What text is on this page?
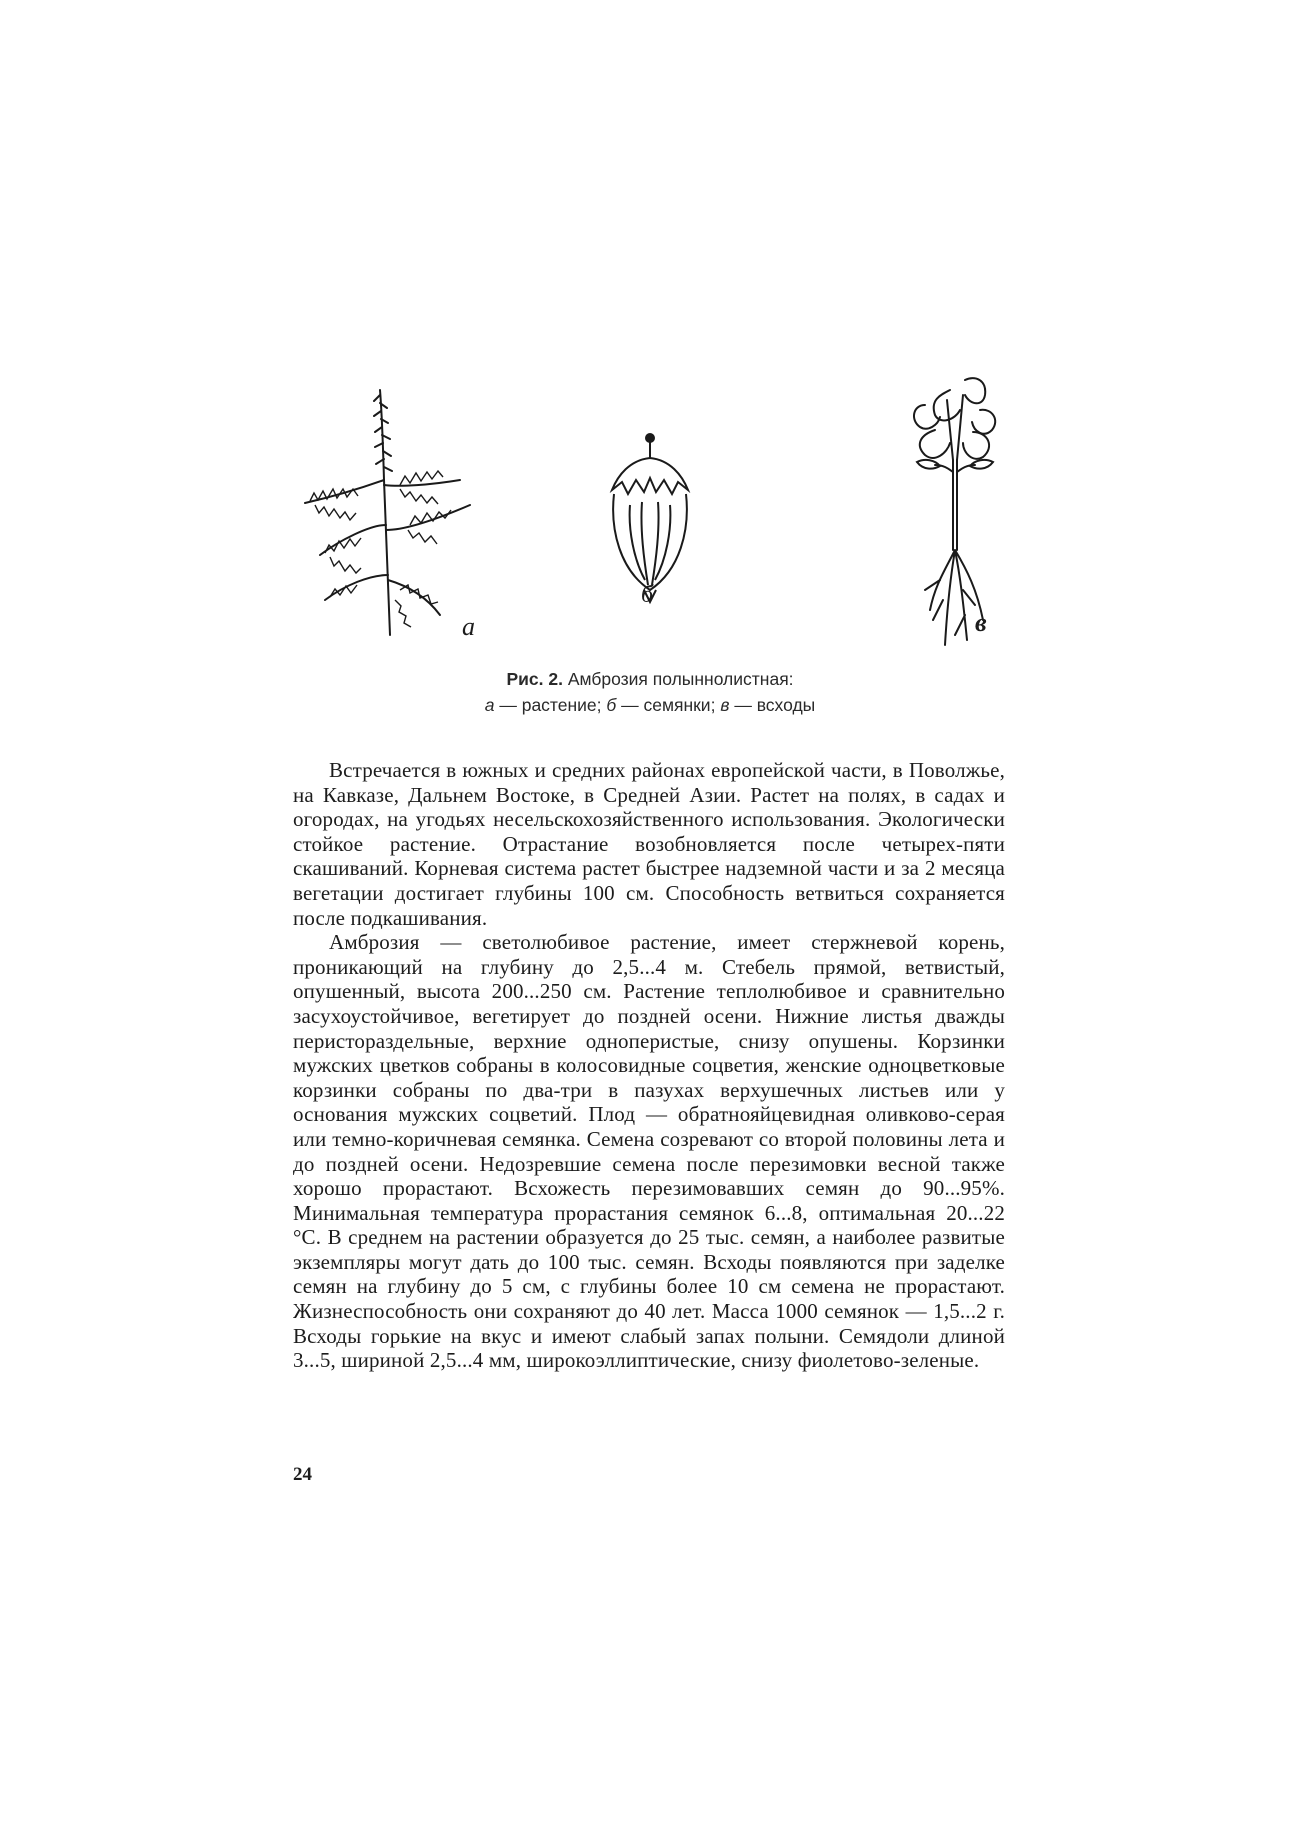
а
б
в
Рис. 2. Амброзия полыннолистная:
а — растение; б — семянки; в — всходы

Встречается в южных и средних районах европейской части, в Поволжье, на Кавказе, Дальнем Востоке, в Средней Азии. Растет на полях, в садах и огородах, на угодьях несельскохозяйственного использования. Экологически стойкое растение. Отрастание возобновляется после четырех-пяти скашиваний. Корневая система растет быстрее надземной части и за 2 месяца вегетации достигает глубины 100 см. Способность ветвиться сохраняется после подкашивания.

Амброзия — светолюбивое растение, имеет стержневой корень, проникающий на глубину до 2,5...4 м. Стебель прямой, ветвистый, опушенный, высота 200...250 см. Растение теплолюбивое и сравнительно засухоустойчивое, вегетирует до поздней осени. Нижние листья дважды перистораздельные, верхние одноперистые, снизу опушены. Корзинки мужских цветков собраны в колосовидные соцветия, женские одноцветковые корзинки собраны по два-три в пазухах верхушечных листьев или у основания мужских соцветий. Плод — обратнояйцевидная оливково-серая или темно-коричневая семянка. Семена созревают со второй половины лета и до поздней осени. Недозревшие семена после перезимовки весной также хорошо прорастают. Всхожесть перезимовавших семян до 90...95%. Минимальная температура прорастания семянок 6...8, оптимальная 20...22 °С. В среднем на растении образуется до 25 тыс. семян, а наиболее развитые экземпляры могут дать до 100 тыс. семян. Всходы появляются при заделке семян на глубину до 5 см, с глубины более 10 см семена не прорастают. Жизнеспособность они сохраняют до 40 лет. Масса 1000 семянок — 1,5...2 г. Всходы горькие на вкус и имеют слабый запах полыни. Семядоли длиной 3...5, шириной 2,5...4 мм, широкоэллиптические, снизу фиолетово-зеленые.

24
